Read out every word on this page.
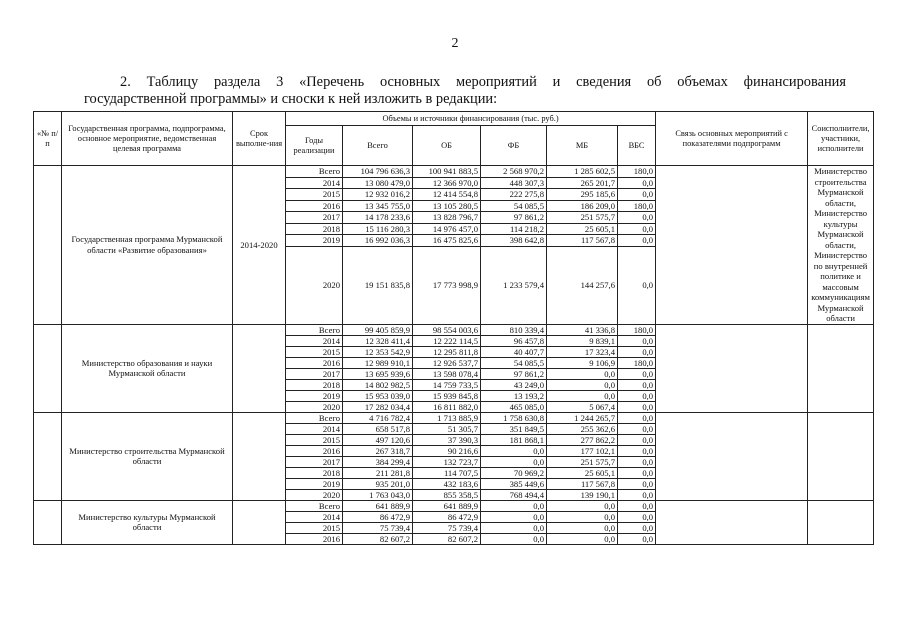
2
2. Таблицу раздела 3 «Перечень основных мероприятий и сведения об объемах финансирования
государственной программы» и сноски к ней изложить в редакции:
«№ п/п	Государственная программа, подпрограмма, основное мероприятие, ведомственная целевая программа	Срок выполне-ния	Объемы и источники финансирования (тыс. руб.)						Связь основных мероприятий с показателями подпрограмм	Соисполнители, участники, исполнители
			Годы реализации	Всего	ОБ	ФБ	МБ	ВБС		
	Государственная программа Мурманской области «Развитие образования»	2014-2020	Всего	104 796 636,3	100 941 883,5	2 568 970,2	1 285 602,5	180,0		Министерство строительства Мурманской области, Министерство культуры Мурманской области, Министерство по внутренней политике и массовым коммуникациям Мурманской области
			2014	13 080 479,0	12 366 970,0	448 307,3	265 201,7	0,0		
			2015	12 932 016,2	12 414 554,8	222 275,8	295 185,6	0,0		
			2016	13 345 755,0	13 105 280,5	54 085,5	186 209,0	180,0		
			2017	14 178 233,6	13 828 796,7	97 861,2	251 575,7	0,0		
			2018	15 116 280,3	14 976 457,0	114 218,2	25 605,1	0,0		
			2019	16 992 036,3	16 475 825,6	398 642,8	117 567,8	0,0		
			2020	19 151 835,8	17 773 998,9	1 233 579,4	144 257,6	0,0		
	Министерство образования и науки Мурманской области		Всего	99 405 859,9	98 554 003,6	810 339,4	41 336,8	180,0		
			2014	12 328 411,4	12 222 114,5	96 457,8	9 839,1	0,0		
			2015	12 353 542,9	12 295 811,8	40 407,7	17 323,4	0,0		
			2016	12 989 910,1	12 926 537,7	54 085,5	9 106,9	180,0		
			2017	13 695 939,6	13 598 078,4	97 861,2	0,0	0,0		
			2018	14 802 982,5	14 759 733,5	43 249,0	0,0	0,0		
			2019	15 953 039,0	15 939 845,8	13 193,2	0,0	0,0		
			2020	17 282 034,4	16 811 882,0	465 085,0	5 067,4	0,0		
	Министерство строительства Мурманской области		Всего	4 716 782,4	1 713 885,9	1 758 630,8	1 244 265,7	0,0		
			2014	658 517,8	51 305,7	351 849,5	255 362,6	0,0		
			2015	497 120,6	37 390,3	181 868,1	277 862,2	0,0		
			2016	267 318,7	90 216,6	0,0	177 102,1	0,0		
			2017	384 299,4	132 723,7	0,0	251 575,7	0,0		
			2018	211 281,8	114 707,5	70 969,2	25 605,1	0,0		
			2019	935 201,0	432 183,6	385 449,6	117 567,8	0,0		
			2020	1 763 043,0	855 358,5	768 494,4	139 190,1	0,0		
	Министерство культуры Мурманской области		Всего	641 889,9	641 889,9	0,0	0,0	0,0		
			2014	86 472,9	86 472,9	0,0	0,0	0,0		
			2015	75 739,4	75 739,4	0,0	0,0	0,0		
			2016	82 607,2	82 607,2	0,0	0,0	0,0		
